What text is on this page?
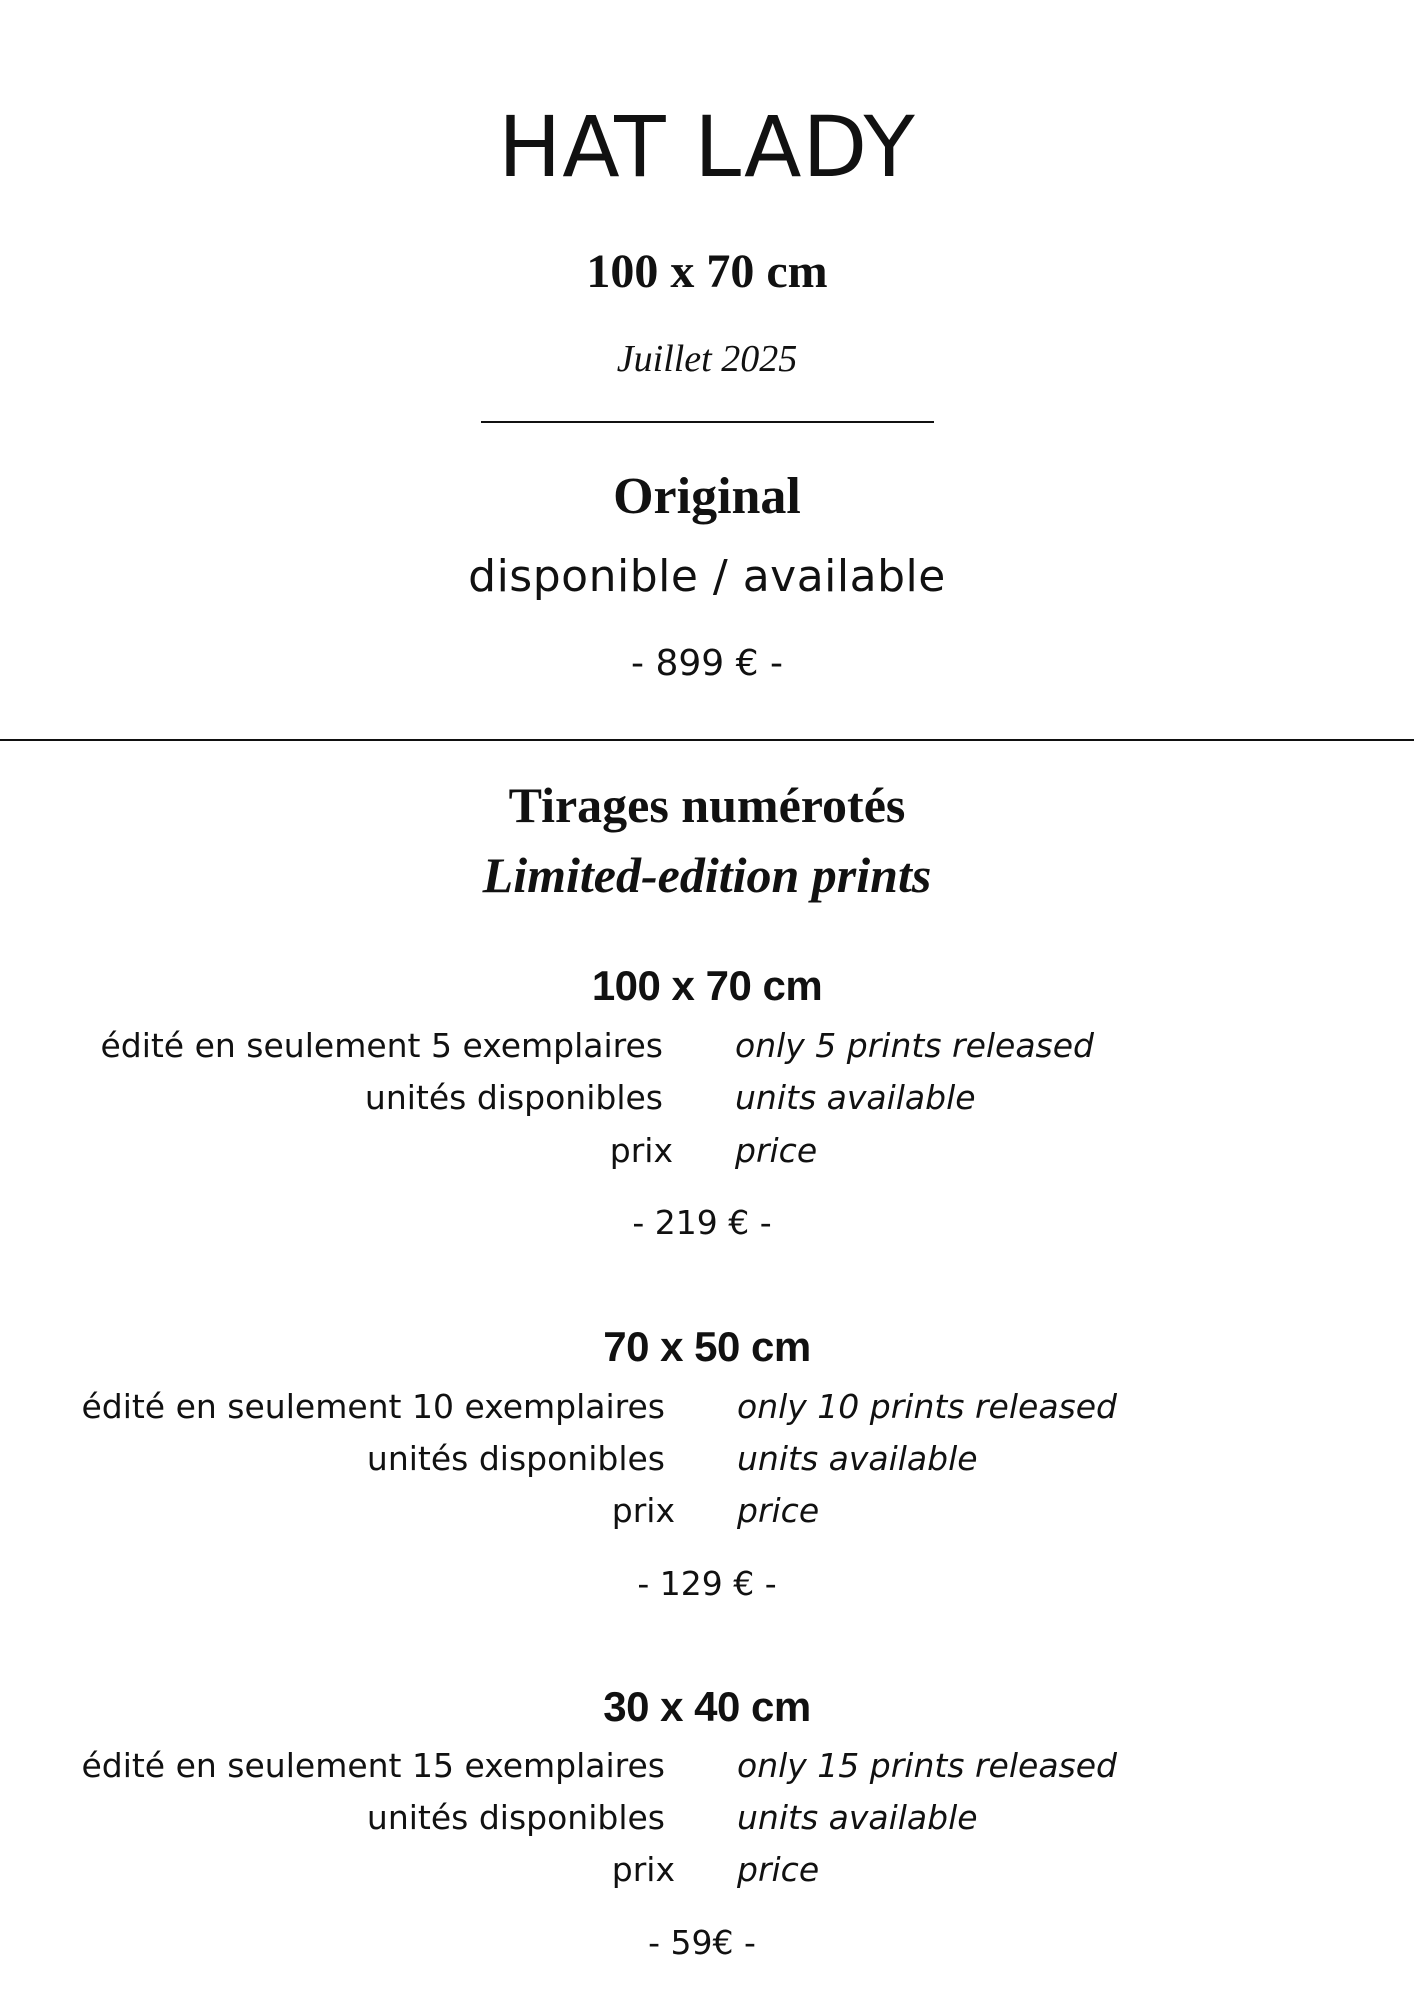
HAT LADY
100 x 70 cm
Juillet 2025
Original
disponible / available
- 899 € -
Tirages numérotés
Limited-edition prints
100 x 70 cm
édité en seulement 5 exemplaires only 5 prints released
unités disponibles units available
prix price
- 219 € -
70 x 50 cm
édité en seulement 10 exemplaires only 10 prints released
unités disponibles units available
prix price
- 129 € -
30 x 40 cm
édité en seulement 15 exemplaires only 15 prints released
unités disponibles units available
prix price
- 59€ -
